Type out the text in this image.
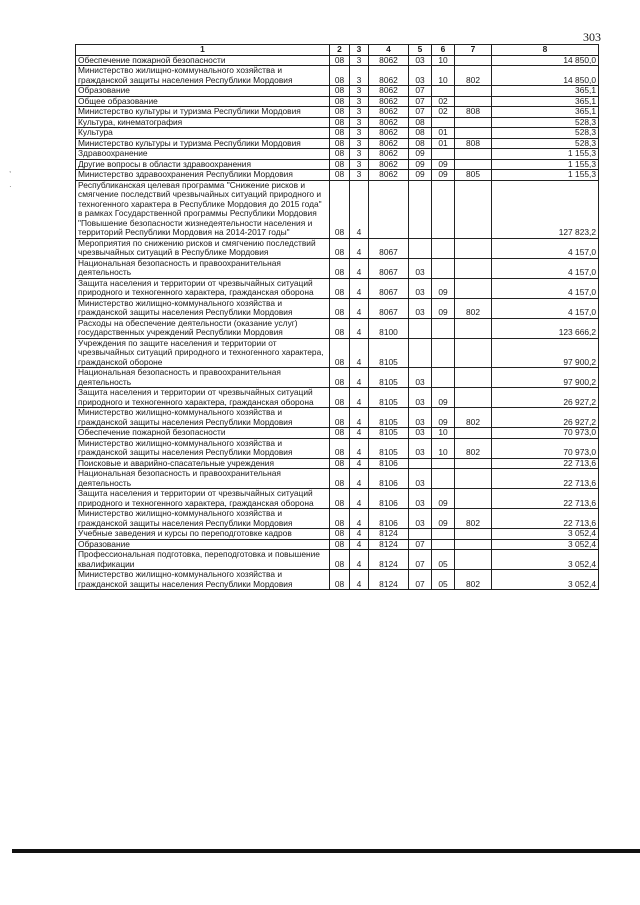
303
,
·
1	2	3	4	5	6	7	8
Обеспечение пожарной безопасности	08	3	8062	03	10		14 850,0
Министерство жилищно-коммунального хозяйства и гражданской защиты населения Республики Мордовия	08	3	8062	03	10	802	14 850,0
Образование	08	3	8062	07			365,1
Общее образование	08	3	8062	07	02		365,1
Министерство культуры и туризма Республики Мордовия	08	3	8062	07	02	808	365,1
Культура, кинематография	08	3	8062	08			528,3
Культура	08	3	8062	08	01		528,3
Министерство культуры и туризма Республики Мордовия	08	3	8062	08	01	808	528,3
Здравоохранение	08	3	8062	09			1 155,3
Другие вопросы в области здравоохранения	08	3	8062	09	09		1 155,3
Министерство здравоохранения Республики Мордовия	08	3	8062	09	09	805	1 155,3
Республиканская целевая программа "Снижение рисков и смягчение последствий чрезвычайных ситуаций природного и техногенного характера в Республике Мордовия до 2015 года" в рамках Государственной программы Республики Мордовия "Повышение безопасности жизнедеятельности населения и территорий Республики Мордовия на 2014-2017 годы"	08	4					127 823,2
Мероприятия по снижению рисков и смягчению последствий чрезвычайных ситуаций в Республике Мордовия	08	4	8067				4 157,0
Национальная безопасность и правоохранительная деятельность	08	4	8067	03			4 157,0
Защита населения и территории от чрезвычайных ситуаций природного и техногенного характера, гражданская оборона	08	4	8067	03	09		4 157,0
Министерство жилищно-коммунального хозяйства и гражданской защиты населения Республики Мордовия	08	4	8067	03	09	802	4 157,0
Расходы на обеспечение деятельности (оказание услуг) государственных учреждений Республики Мордовия	08	4	8100				123 666,2
Учреждения по защите населения и территории от чрезвычайных ситуаций природного и техногенного характера, гражданской обороне	08	4	8105				97 900,2
Национальная безопасность и правоохранительная деятельность	08	4	8105	03			97 900,2
Защита населения и территории от чрезвычайных ситуаций природного и техногенного характера, гражданская оборона	08	4	8105	03	09		26 927,2
Министерство жилищно-коммунального хозяйства и гражданской защиты населения Республики Мордовия	08	4	8105	03	09	802	26 927,2
Обеспечение пожарной безопасности	08	4	8105	03	10		70 973,0
Министерство жилищно-коммунального хозяйства и гражданской защиты населения Республики Мордовия	08	4	8105	03	10	802	70 973,0
Поисковые и аварийно-спасательные учреждения	08	4	8106				22 713,6
Национальная безопасность и правоохранительная деятельность	08	4	8106	03			22 713,6
Защита населения и территории от чрезвычайных ситуаций природного и техногенного характера, гражданская оборона	08	4	8106	03	09		22 713,6
Министерство жилищно-коммунального хозяйства и гражданской защиты населения Республики Мордовия	08	4	8106	03	09	802	22 713,6
Учебные заведения и курсы по переподготовке кадров	08	4	8124				3 052,4
Образование	08	4	8124	07			3 052,4
Профессиональная подготовка, переподготовка и повышение квалификации	08	4	8124	07	05		3 052,4
Министерство жилищно-коммунального хозяйства и гражданской защиты населения Республики Мордовия	08	4	8124	07	05	802	3 052,4
